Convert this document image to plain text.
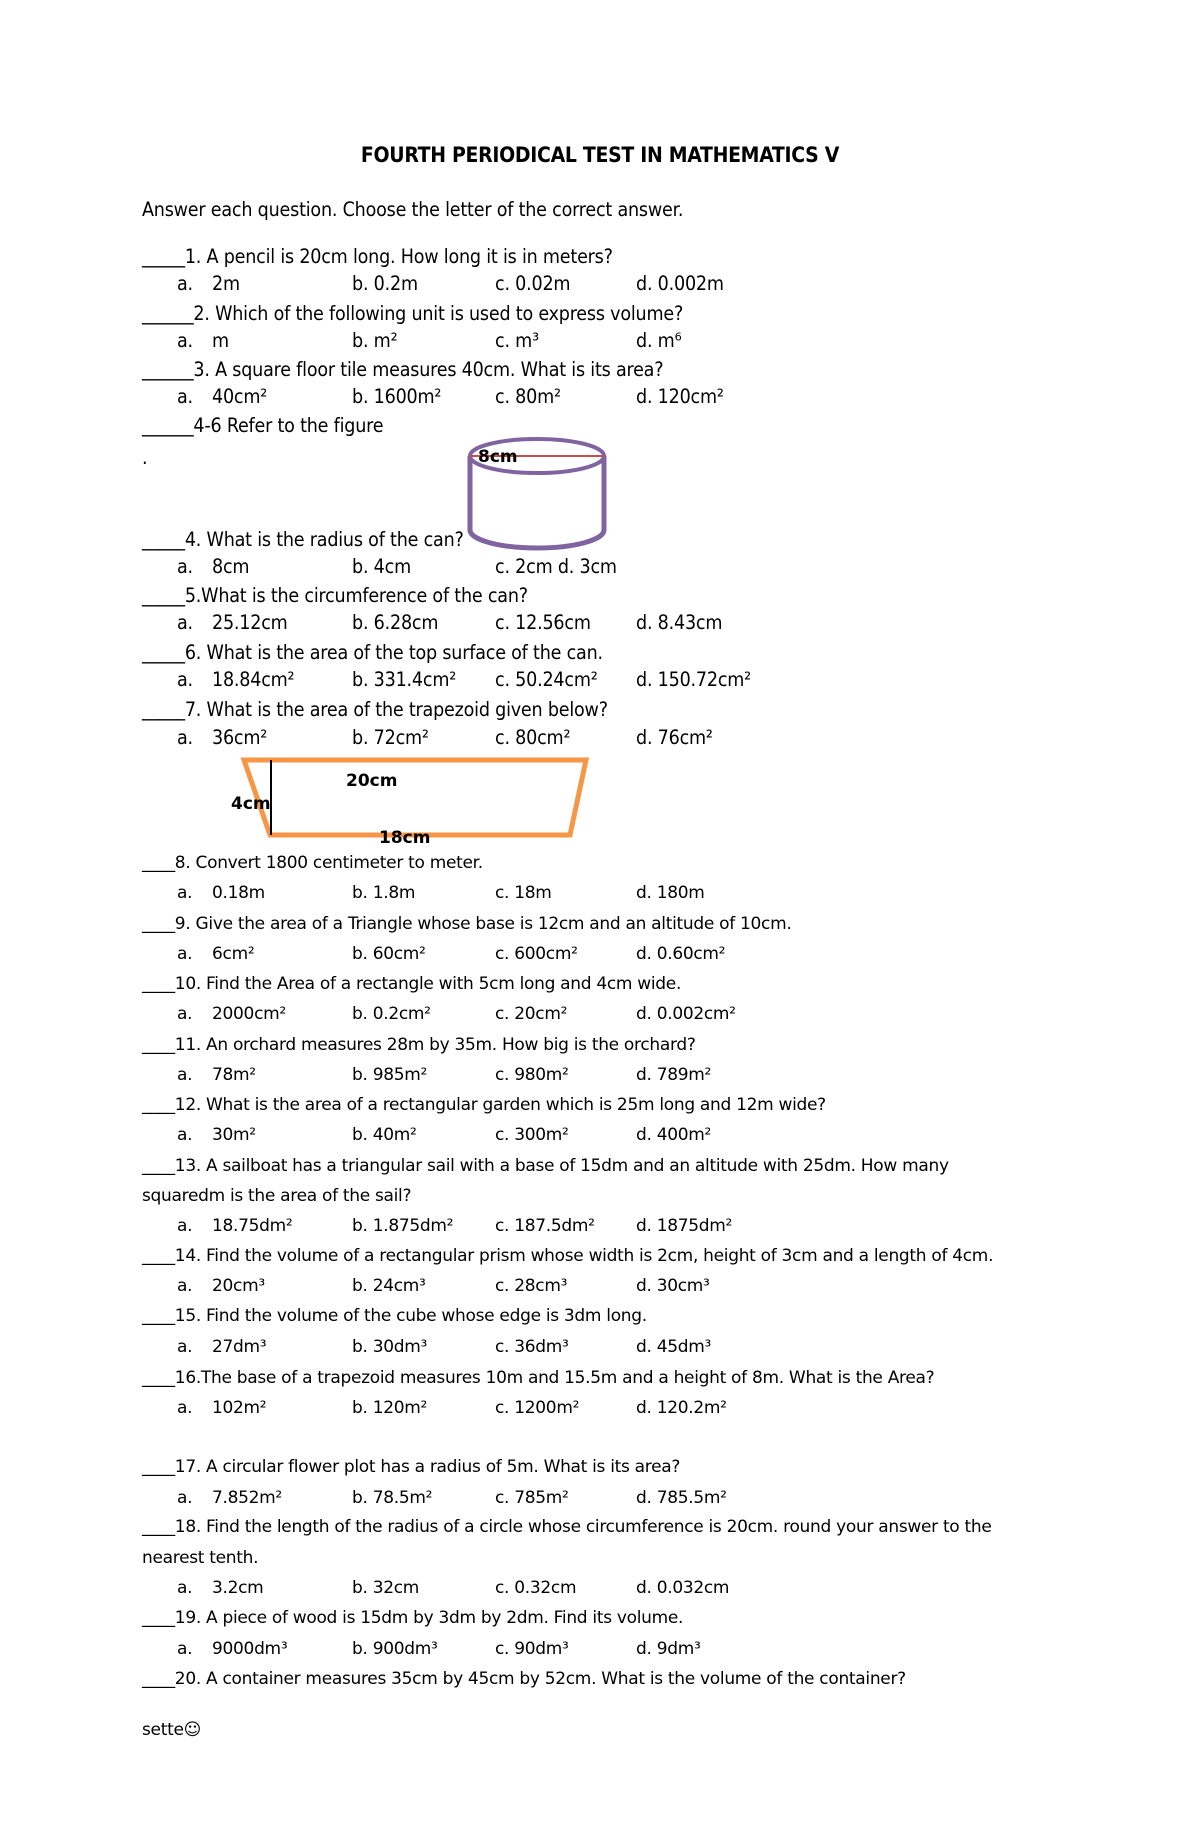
FOURTH PERIODICAL TEST IN MATHEMATICS V
Answer each question. Choose the letter of the correct answer.
_____1. A pencil is 20cm long. How long it is in meters?
a. 2m	b. 0.2m	c. 0.02m	d. 0.002m
______2. Which of the following unit is used to express volume?
a. m	b. m²	c. m³	d. m⁶
______3. A square floor tile measures 40cm. What is its area?
a. 40cm²	b. 1600m²	c. 80m²	d. 120cm²
______4-6 Refer to the figure
_____4. What is the radius of the can?
a. 8cm	b. 4cm	c. 2cm d. 3cm
_____5.What is the circumference of the can?
a. 25.12cm	b. 6.28cm	c. 12.56cm d. 8.43cm
_____6. What is the area of the top surface of the can.
a. 18.84cm²	b. 331.4cm² c. 50.24cm² d. 150.72cm²
_____7. What is the area of the trapezoid given below?
a. 36cm²	b. 72cm²	c. 80cm²	d. 76cm²
____8. Convert 1800 centimeter to meter.
a. 0.18m	b. 1.8m	c. 18m	d. 180m
____9. Give the area of a Triangle whose base is 12cm and an altitude of 10cm.
a. 6cm²	b. 60cm²	c. 600cm²	d. 0.60cm²
____10. Find the Area of a rectangle with 5cm long and 4cm wide.
a. 2000cm²	b. 0.2cm²	c. 20cm²	d. 0.002cm²
____11. An orchard measures 28m by 35m. How big is the orchard?
a. 78m²	b. 985m²	c. 980m²	d. 789m²
____12. What is the area of a rectangular garden which is 25m long and 12m wide?
a. 30m²	b. 40m²	c. 300m²	d. 400m²
____13. A sailboat has a triangular sail with a base of 15dm and an altitude with 25dm. How many
squaredm is the area of the sail?
a. 18.75dm²	b. 1.875dm² c. 187.5dm² d. 1875dm²
____14. Find the volume of a rectangular prism whose width is 2cm, height of 3cm and a length of 4cm.
a. 20cm³	b. 24cm³	c. 28cm³	d. 30cm³
____15. Find the volume of the cube whose edge is 3dm long.
a. 27dm³	b. 30dm³	c. 36dm³	d. 45dm³
____16.The base of a trapezoid measures 10m and 15.5m and a height of 8m. What is the Area?
a. 102m²	b. 120m²	c. 1200m²	d. 120.2m²
____17. A circular flower plot has a radius of 5m. What is its area?
a. 7.852m²	b. 78.5m²	c. 785m²	d. 785.5m²
____18. Find the length of the radius of a circle whose circumference is 20cm. round your answer to the
nearest tenth.
a. 3.2cm	b. 32cm	c. 0.32cm	d. 0.032cm
____19. A piece of wood is 15dm by 3dm by 2dm. Find its volume.
a. 9000dm³	b. 900dm³	c. 90dm³	d. 9dm³
____20. A container measures 35cm by 45cm by 52cm. What is the volume of the container?
.	8cm
20cm
4cm
18cm
sette☺
